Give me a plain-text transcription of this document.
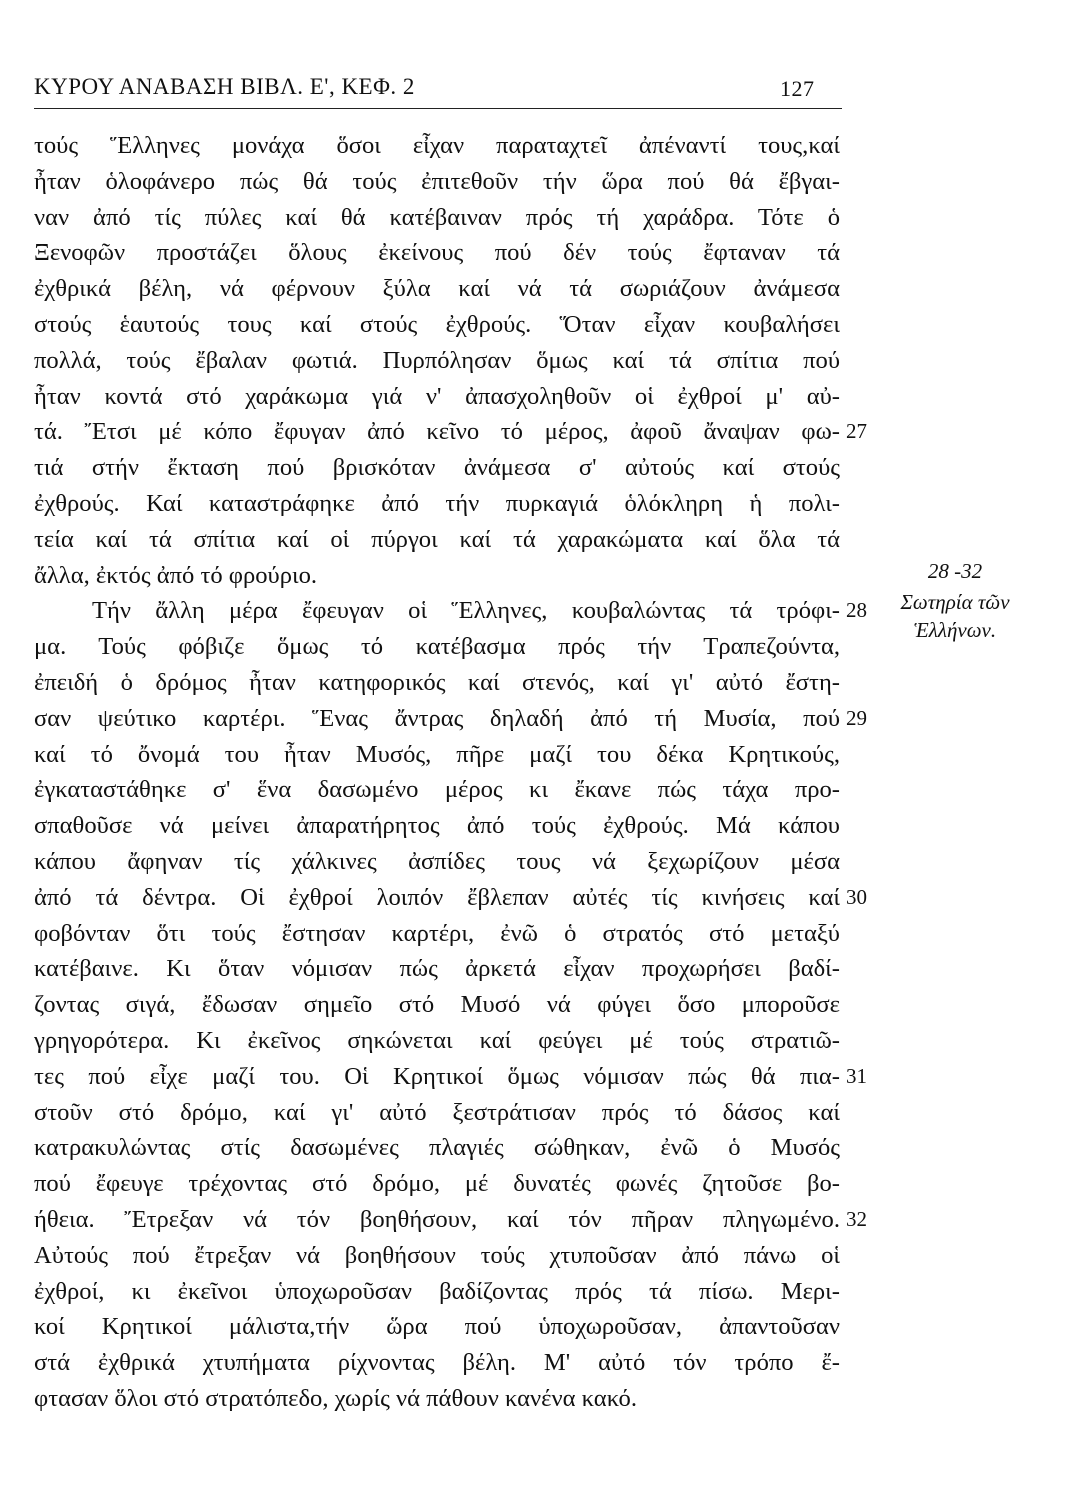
ΚΥΡΟΥ ΑΝΑΒΑΣΗ ΒΙΒΛ. Ε', ΚΕΦ. 2	127
τούς Ἕλληνες μονάχα ὅσοι εἶχαν παραταχτεῖ ἀπέναντί τους,καί
ἦταν ὁλοφάνερο πώς θά τούς ἐπιτεθοῦν τήν ὥρα πού θά ἔβγαι-
ναν ἀπό τίς πύλες καί θά κατέβαιναν πρός τή χαράδρα. Τότε ὁ
Ξενοφῶν προστάζει ὅλους ἐκείνους πού δέν τούς ἔφταναν τά
ἐχθρικά βέλη, νά φέρνουν ξύλα καί νά τά σωριάζουν ἀνάμεσα
στούς ἑαυτούς τους καί στούς ἐχθρούς. Ὅταν εἶχαν κουβαλήσει
πολλά, τούς ἔβαλαν φωτιά. Πυρπόλησαν ὅμως καί τά σπίτια πού
ἦταν κοντά στό χαράκωμα γιά ν' ἀπασχοληθοῦν οἱ ἐχθροί μ' αὐ-
τά. Ἔτσι μέ κόπο ἔφυγαν ἀπό κεῖνο τό μέρος, ἀφοῦ ἄναψαν φω- 27
τιά στήν ἔκταση πού βρισκόταν ἀνάμεσα σ' αὐτούς καί στούς
ἐχθρούς. Καί καταστράφηκε ἀπό τήν πυρκαγιά ὁλόκληρη ἡ πολι-
τεία καί τά σπίτια καί οἱ πύργοι καί τά χαρακώματα καί ὅλα τά
ἄλλα, ἐκτός ἀπό τό φρούριο.
Τήν ἄλλη μέρα ἔφευγαν οἱ Ἕλληνες, κουβαλώντας τά τρόφι- 28
μα. Τούς φόβιζε ὅμως τό κατέβασμα πρός τήν Τραπεζούντα,
ἐπειδή ὁ δρόμος ἦταν κατηφορικός καί στενός, καί γι' αὐτό ἔστη-
σαν ψεύτικο καρτέρι. Ἕνας ἄντρας δηλαδή ἀπό τή Μυσία, πού 29
καί τό ὄνομά του ἦταν Μυσός, πῆρε μαζί του δέκα Κρητικούς,
ἐγκαταστάθηκε σ' ἕνα δασωμένο μέρος κι ἔκανε πώς τάχα προ-
σπαθοῦσε νά μείνει ἀπαρατήρητος ἀπό τούς ἐχθρούς. Μά κάπου
κάπου ἄφηναν τίς χάλκινες ἀσπίδες τους νά ξεχωρίζουν μέσα
ἀπό τά δέντρα. Οἱ ἐχθροί λοιπόν ἔβλεπαν αὐτές τίς κινήσεις καί 30
φοβόνταν ὅτι τούς ἔστησαν καρτέρι, ἐνῶ ὁ στρατός στό μεταξύ
κατέβαινε. Κι ὅταν νόμισαν πώς ἀρκετά εἶχαν προχωρήσει βαδί-
ζοντας σιγά, ἔδωσαν σημεῖο στό Μυσό νά φύγει ὅσο μποροῦσε
γρηγορότερα. Κι ἐκεῖνος σηκώνεται καί φεύγει μέ τούς στρατιῶ-
τες πού εἶχε μαζί του. Οἱ Κρητικοί ὅμως νόμισαν πώς θά πια- 31
στοῦν στό δρόμο, καί γι' αὐτό ξεστράτισαν πρός τό δάσος καί
κατρακυλώντας στίς δασωμένες πλαγιές σώθηκαν, ἐνῶ ὁ Μυσός
πού ἔφευγε τρέχοντας στό δρόμο, μέ δυνατές φωνές ζητοῦσε βο-
ήθεια. Ἔτρεξαν νά τόν βοηθήσουν, καί τόν πῆραν πληγωμένο. 32
Αὐτούς πού ἔτρεξαν νά βοηθήσουν τούς χτυποῦσαν ἀπό πάνω οἱ
ἐχθροί, κι ἐκεῖνοι ὑποχωροῦσαν βαδίζοντας πρός τά πίσω. Μερι-
κοί Κρητικοί μάλιστα,τήν ὥρα πού ὑποχωροῦσαν, ἀπαντοῦσαν
στά ἐχθρικά χτυπήματα ρίχνοντας βέλη. Μ' αὐτό τόν τρόπο ἔ-
φτασαν ὅλοι στό στρατόπεδο, χωρίς νά πάθουν κανένα κακό.
28 -32
Σωτηρία τῶν
Ἑλλήνων.
